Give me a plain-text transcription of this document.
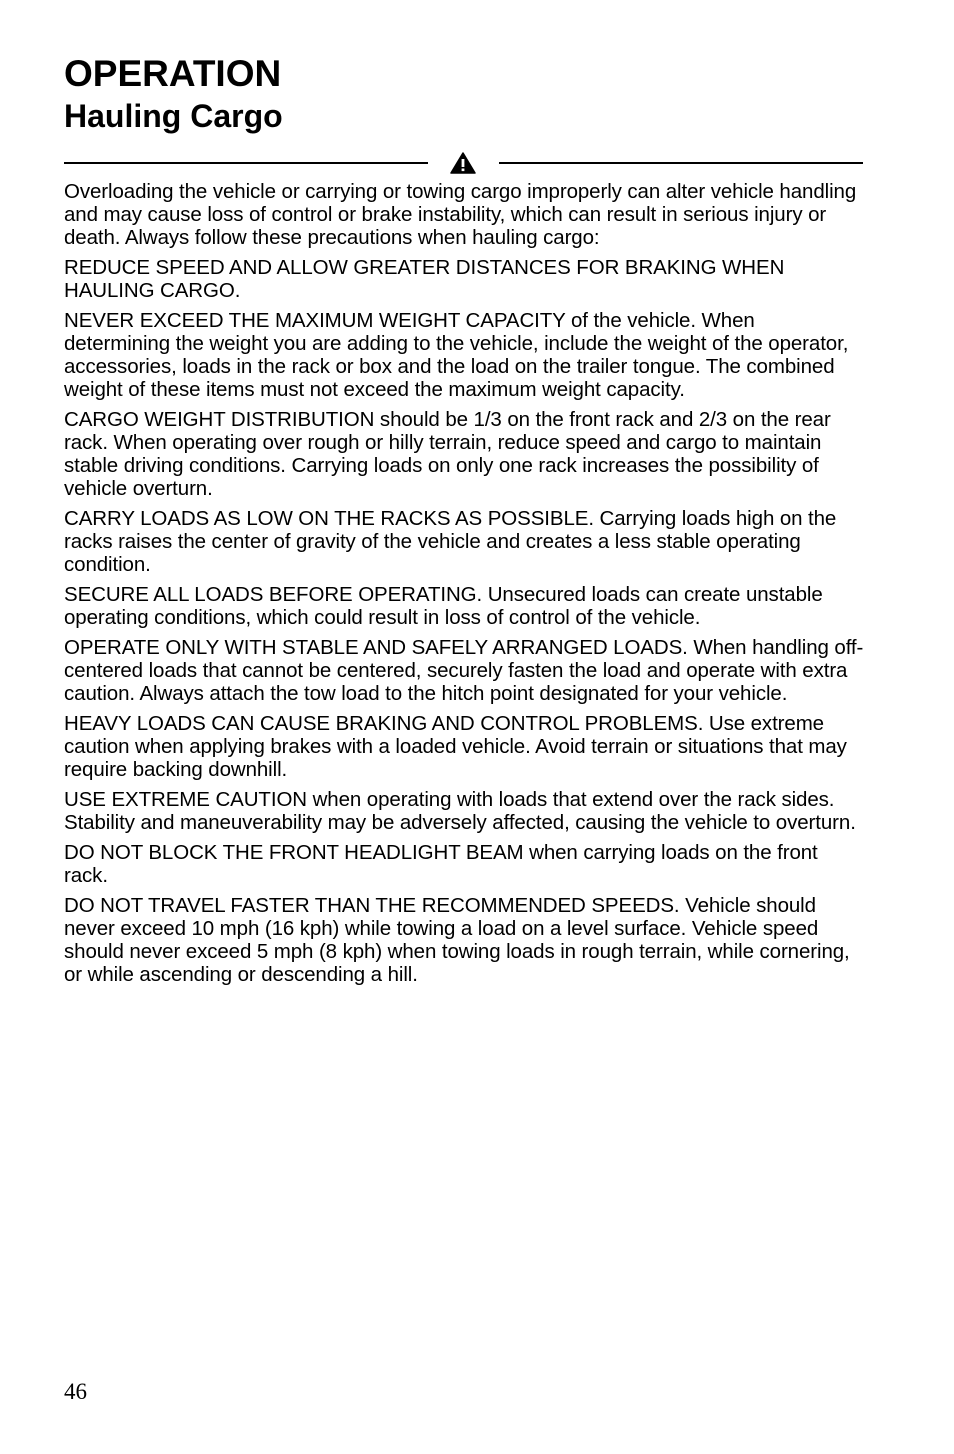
OPERATION
Hauling Cargo

Overloading the vehicle or carrying or towing cargo improperly can alter vehicle handling and may cause loss of control or brake instability, which can result in serious injury or death. Always follow these precautions when hauling cargo:

REDUCE SPEED AND ALLOW GREATER DISTANCES FOR BRAKING WHEN HAULING CARGO.

NEVER EXCEED THE MAXIMUM WEIGHT CAPACITY of the vehicle. When determining the weight you are adding to the vehicle, include the weight of the operator, accessories, loads in the rack or box and the load on the trailer tongue. The combined weight of these items must not exceed the maximum weight capacity.

CARGO WEIGHT DISTRIBUTION should be 1/3 on the front rack and 2/3 on the rear rack. When operating over rough or hilly terrain, reduce speed and cargo to maintain stable driving conditions. Carrying loads on only one rack increases the possibility of vehicle overturn.

CARRY LOADS AS LOW ON THE RACKS AS POSSIBLE. Carrying loads high on the racks raises the center of gravity of the vehicle and creates a less stable operating condition.

SECURE ALL LOADS BEFORE OPERATING. Unsecured loads can create unstable operating conditions, which could result in loss of control of the vehicle.

OPERATE ONLY WITH STABLE AND SAFELY ARRANGED LOADS. When handling off-centered loads that cannot be centered, securely fasten the load and operate with extra caution. Always attach the tow load to the hitch point designated for your vehicle.

HEAVY LOADS CAN CAUSE BRAKING AND CONTROL PROBLEMS. Use extreme caution when applying brakes with a loaded vehicle. Avoid terrain or situations that may require backing downhill.

USE EXTREME CAUTION when operating with loads that extend over the rack sides. Stability and maneuverability may be adversely affected, causing the vehicle to overturn.

DO NOT BLOCK THE FRONT HEADLIGHT BEAM when carrying loads on the front rack.

DO NOT TRAVEL FASTER THAN THE RECOMMENDED SPEEDS. Vehicle should never exceed 10 mph (16 kph) while towing a load on a level surface. Vehicle speed should never exceed 5 mph (8 kph) when towing loads in rough terrain, while cornering, or while ascending or descending a hill.

46
